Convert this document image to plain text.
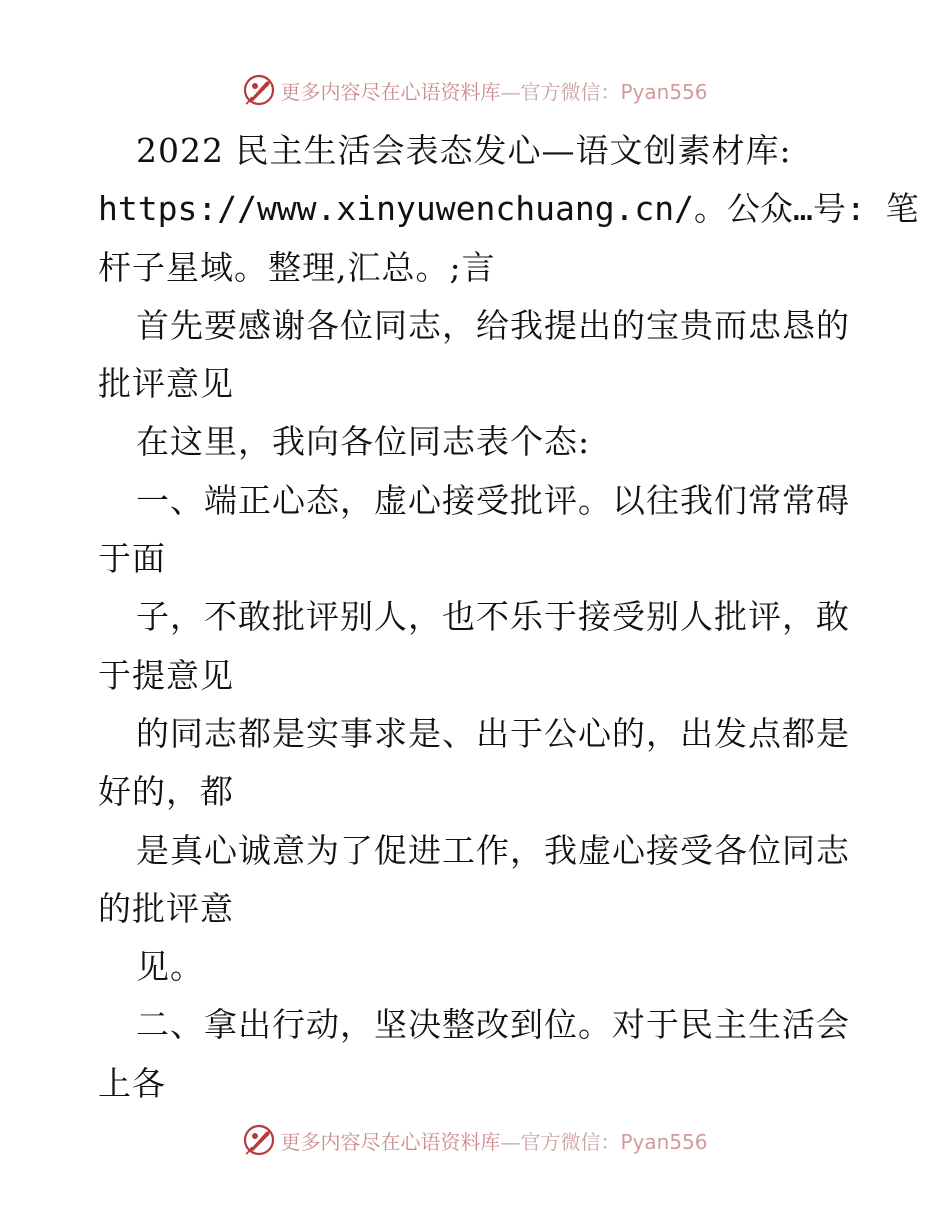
更多内容尽在心语资料库—官方微信：Pyan556
2022 民主生活会表态发心—语文创素材库:
https://www.xinyuwenchuang.cn/。公众…号: 笔
杆子星域。整理,汇总。;言
首先要感谢各位同志，给我提出的宝贵而忠恳的
批评意见
在这里，我向各位同志表个态:
一、端正心态，虚心接受批评。以往我们常常碍
于面
子，不敢批评别人，也不乐于接受别人批评，敢
于提意见
的同志都是实事求是、出于公心的，出发点都是
好的，都
是真心诚意为了促进工作，我虚心接受各位同志
的批评意
见。
二、拿出行动，坚决整改到位。对于民主生活会
上各
更多内容尽在心语资料库—官方微信：Pyan556
